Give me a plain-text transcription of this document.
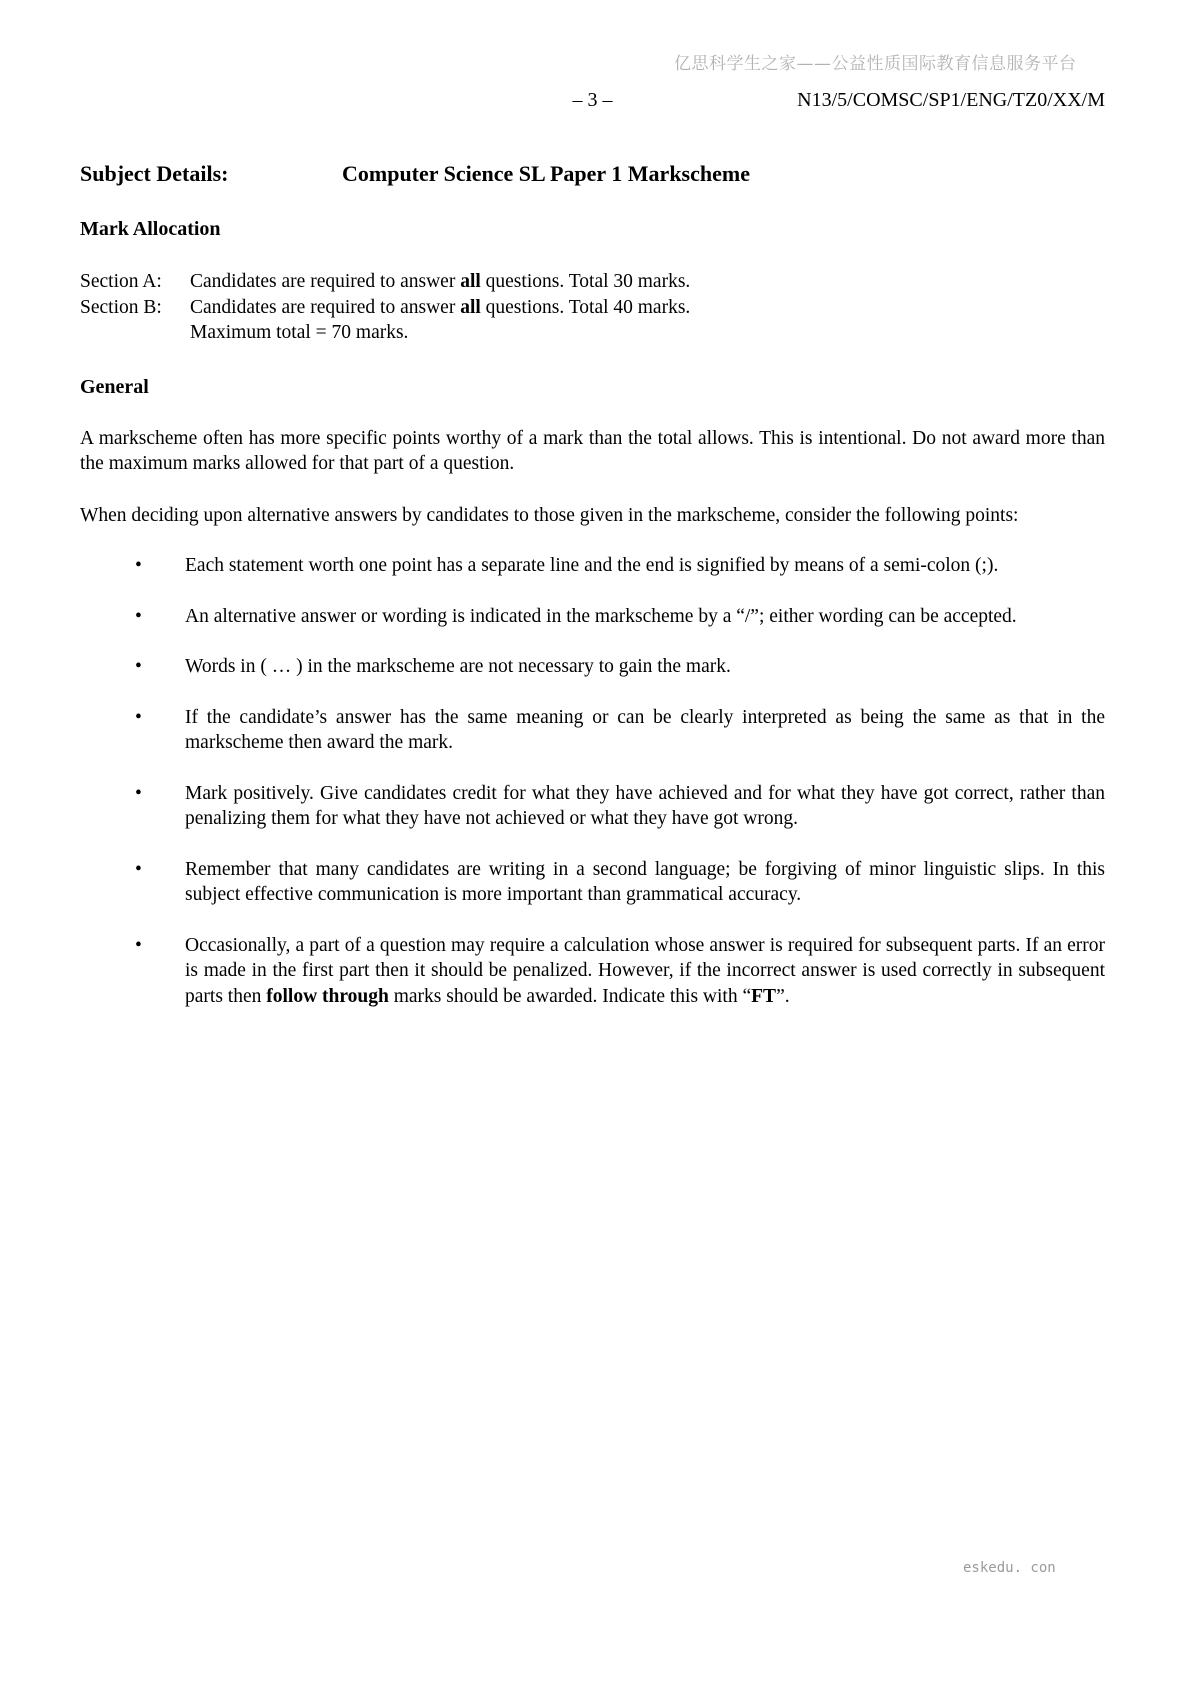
亿思科学生之家——公益性质国际教育信息服务平台
– 3 –	N13/5/COMSC/SP1/ENG/TZ0/XX/M
Subject Details:	Computer Science SL Paper 1 Markscheme
Mark Allocation
Section A:	Candidates are required to answer all questions. Total 30 marks.
Section B:	Candidates are required to answer all questions. Total 40 marks.
Maximum total = 70 marks.
General
A markscheme often has more specific points worthy of a mark than the total allows. This is intentional. Do not award more than the maximum marks allowed for that part of a question.
When deciding upon alternative answers by candidates to those given in the markscheme, consider the following points:
•	Each statement worth one point has a separate line and the end is signified by means of a semi-colon (;).
•	An alternative answer or wording is indicated in the markscheme by a “/”; either wording can be accepted.
•	Words in ( … ) in the markscheme are not necessary to gain the mark.
•	If the candidate’s answer has the same meaning or can be clearly interpreted as being the same as that in the markscheme then award the mark.
•	Mark positively. Give candidates credit for what they have achieved and for what they have got correct, rather than penalizing them for what they have not achieved or what they have got wrong.
•	Remember that many candidates are writing in a second language; be forgiving of minor linguistic slips. In this subject effective communication is more important than grammatical accuracy.
•	Occasionally, a part of a question may require a calculation whose answer is required for subsequent parts. If an error is made in the first part then it should be penalized. However, if the incorrect answer is used correctly in subsequent parts then follow through marks should be awarded. Indicate this with “FT”.
eskedu. con
